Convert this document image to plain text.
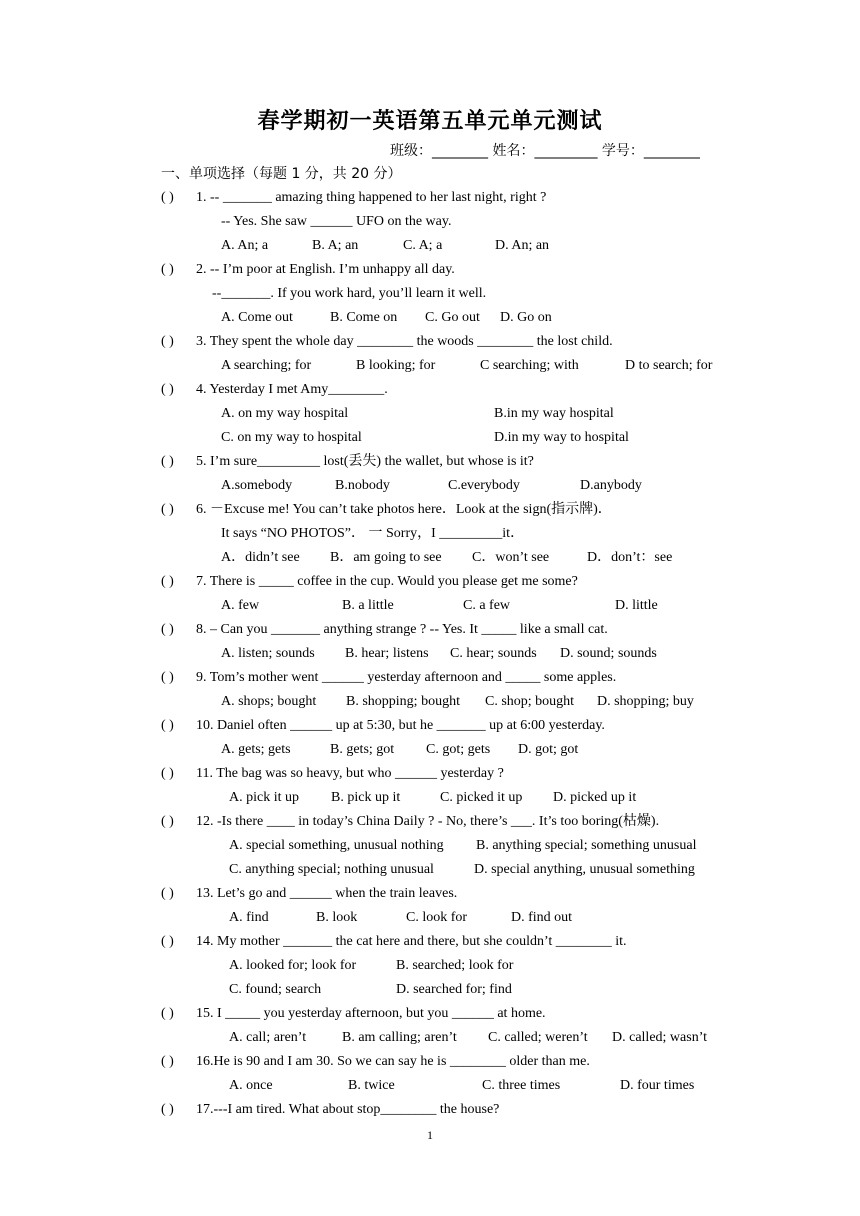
春学期初一英语第五单元单元测试
班级：________ 姓名：_________ 学号：________
一、单项选择（每题 1 分，共 20 分）
( ) 1. -- _______ amazing thing happened to her last night, right ?
-- Yes. She saw ______ UFO on the way.
A. An; a	B. A; an	C. A; a	D. An; an
( ) 2. -- I’m poor at English. I’m unhappy all day.
--_______. If you work hard, you’ll learn it well.
A. Come out	B. Come on C. Go out D. Go on
( ) 3. They spent the whole day ________ the woods ________ the lost child.
A searching; for	B looking; for	C searching; with	D to search; for
( ) 4. Yesterday I met Amy________.
A. on my way hospital	B.in my way hospital
C. on my way to hospital	D.in my way to hospital
( ) 5. I’m sure_________ lost(丢失) the wallet, but whose is it?
A.somebody	B.nobody	C.everybody	D.anybody
( ) 6. －Excuse me! You can’t take photos here．Look at the sign(指示牌)．
It says “NO PHOTOS”． 一 Sorry，I _________it．
A．didn’t see B．am going to see C．won’t see	D．don’t：see
( ) 7. There is _____ coffee in the cup. Would you please get me some?
A. few	B. a little	C. a few	D. little
( ) 8. – Can you _______ anything strange ? -- Yes. It _____ like a small cat.
A. listen; sounds B. hear; listens C. hear; sounds D. sound; sounds
( ) 9. Tom’s mother went ______ yesterday afternoon and _____ some apples.
A. shops; bought B. shopping; bought C. shop; bought D. shopping; buy
( ) 10. Daniel often ______ up at 5:30, but he _______ up at 6:00 yesterday.
A. gets; gets	B. gets; got C. got; gets D. got; got
( ) 11. The bag was so heavy, but who ______ yesterday ?
A. pick it up B. pick up it	C. picked it up D. picked up it
( ) 12. -Is there ____ in today’s China Daily ? - No, there’s ___. It’s too boring(枯燥).
A. special something, unusual nothing B. anything special; something unusual
C. anything special; nothing unusual	D. special anything, unusual something
( ) 13. Let’s go and ______ when the train leaves.
A. find	B. look	C. look for	D. find out
( ) 14. My mother _______ the cat here and there, but she couldn’t ________ it.
A. looked for; look for	B. searched; look for
C. found; search	D. searched for; find
( ) 15. I _____ you yesterday afternoon, but you ______ at home.
A. call; aren’t	B. am calling; aren’t C. called; weren’t D. called; wasn’t
( ) 16.He is 90 and I am 30. So we can say he is ________ older than me.
A. once	B. twice	C. three times	D. four times
( ) 17.---I am tired. What about stop________ the house?
1
